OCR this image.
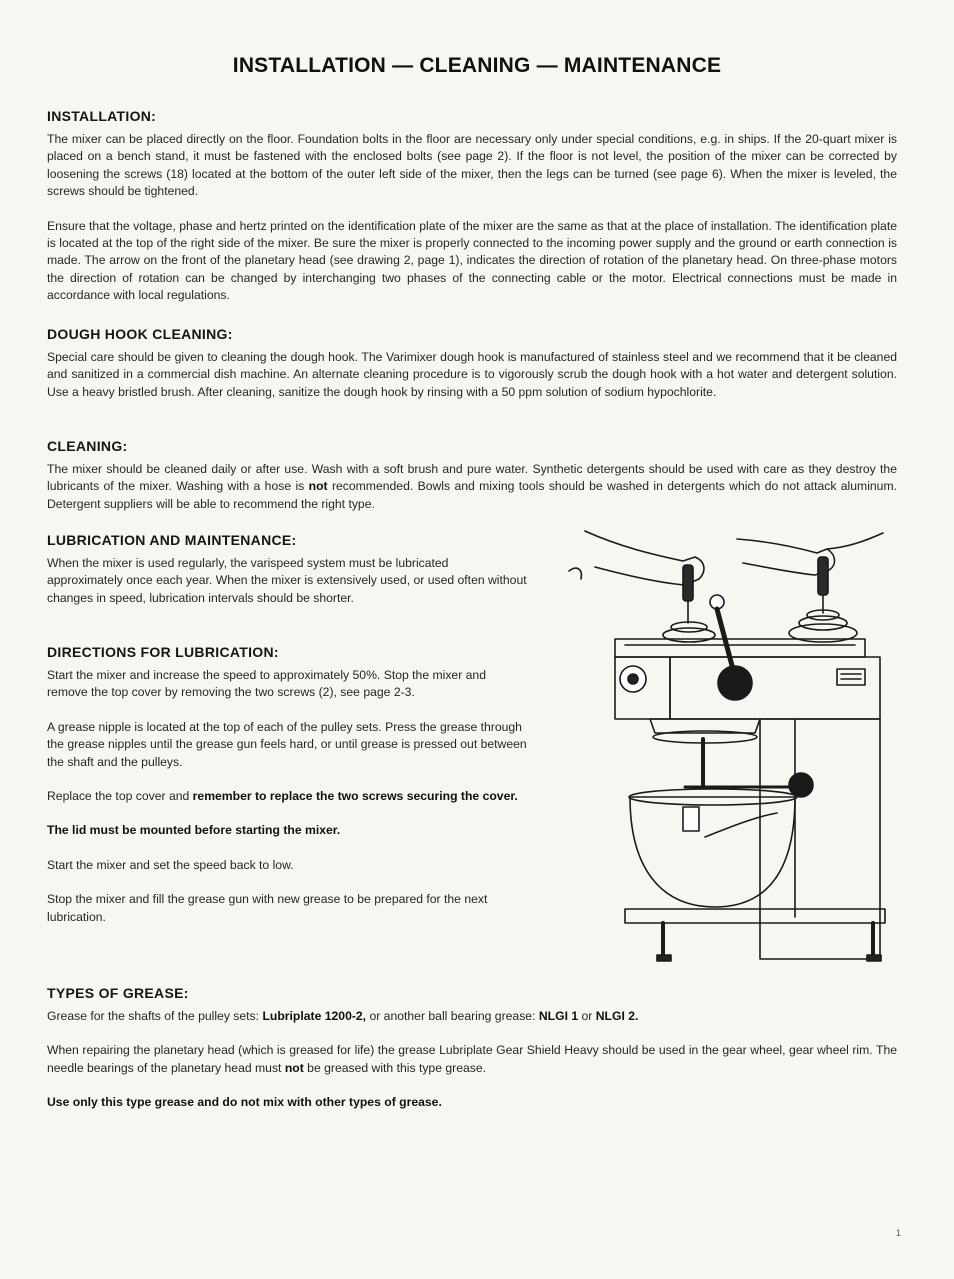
INSTALLATION — CLEANING — MAINTENANCE
INSTALLATION:

The mixer can be placed directly on the floor. Foundation bolts in the floor are necessary only under special conditions, e.g. in ships. If the 20-quart mixer is placed on a bench stand, it must be fastened with the enclosed bolts (see page 2). If the floor is not level, the position of the mixer can be corrected by loosening the screws (18) located at the bottom of the outer left side of the mixer, then the legs can be turned (see page 6). When the mixer is leveled, the screws should be tightened.

Ensure that the voltage, phase and hertz printed on the identification plate of the mixer are the same as that at the place of installation. The identification plate is located at the top of the right side of the mixer. Be sure the mixer is properly connected to the incoming power supply and the ground or earth connection is made. The arrow on the front of the planetary head (see drawing 2, page 1), indicates the direction of rotation of the planetary head. On three-phase motors the direction of rotation can be changed by interchanging two phases of the connecting cable or the motor. Electrical connections must be made in accordance with local regulations.

DOUGH HOOK CLEANING:

Special care should be given to cleaning the dough hook. The Varimixer dough hook is manufactured of stainless steel and we recommend that it be cleaned and sanitized in a commercial dish machine. An alternate cleaning procedure is to vigorously scrub the dough hook with a hot water and detergent solution. Use a heavy bristled brush. After cleaning, sanitize the dough hook by rinsing with a 50 ppm solution of sodium hypochlorite.

CLEANING:

The mixer should be cleaned daily or after use. Wash with a soft brush and pure water. Synthetic detergents should be used with care as they destroy the lubricants of the mixer. Washing with a hose is not recommended. Bowls and mixing tools should be washed in detergents which do not attack aluminum. Detergent suppliers will be able to recommend the right type.

LUBRICATION AND MAINTENANCE:

When the mixer is used regularly, the varispeed system must be lubricated approximately once each year. When the mixer is extensively used, or used often without changes in speed, lubrication intervals should be shorter.

DIRECTIONS FOR LUBRICATION:

Start the mixer and increase the speed to approximately 50%. Stop the mixer and remove the top cover by removing the two screws (2), see page 2-3.

A grease nipple is located at the top of each of the pulley sets. Press the grease through the grease nipples until the grease gun feels hard, or until grease is pressed out between the shaft and the pulleys.

Replace the top cover and remember to replace the two screws securing the cover.

The lid must be mounted before starting the mixer.

Start the mixer and set the speed back to low.

Stop the mixer and fill the grease gun with new grease to be prepared for the next lubrication.

TYPES OF GREASE:

Grease for the shafts of the pulley sets: Lubriplate 1200-2, or another ball bearing grease: NLGI 1 or NLGI 2.

When repairing the planetary head (which is greased for life) the grease Lubriplate Gear Shield Heavy should be used in the gear wheel, gear wheel rim. The needle bearings of the planetary head must not be greased with this type grease.

Use only this type grease and do not mix with other types of grease.

1
